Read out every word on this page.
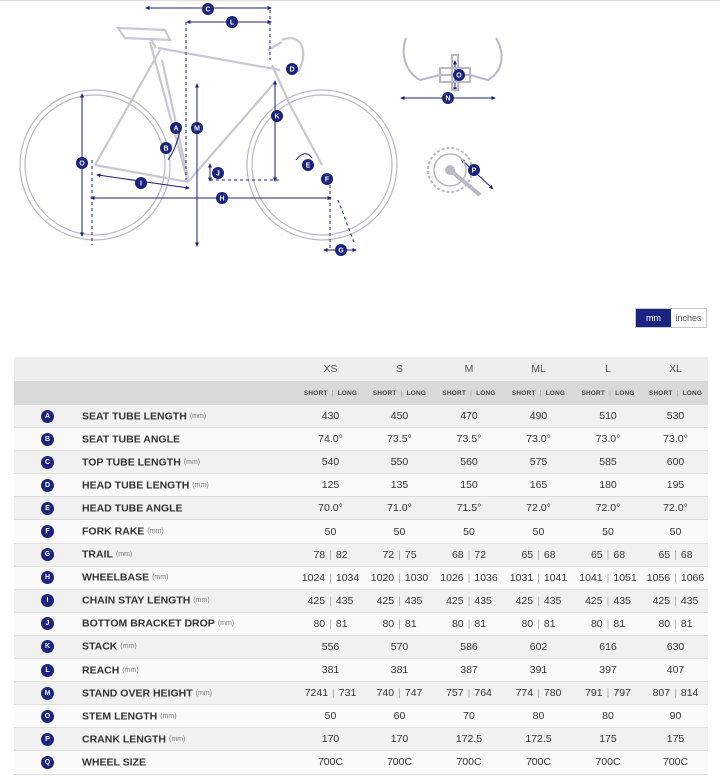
C
L
A
B
M
D
K
E
F
J
O
I
H
G
O
N
P
mm	inches
	XS	S	M	ML	L	XL
	SHORT | LONG	SHORT | LONG	SHORT | LONG	SHORT | LONG	SHORT | LONG	SHORT | LONG
A SEAT TUBE LENGTH (mm)	430	450	470	490	510	530
B SEAT TUBE ANGLE	74.0°	73.5°	73.5°	73.0°	73.0°	73.0°
C TOP TUBE LENGTH (mm)	540	550	560	575	585	600
D HEAD TUBE LENGTH (mm)	125	135	150	165	180	195
E HEAD TUBE ANGLE	70.0°	71.0°	71.5°	72.0°	72.0°	72.0°
F FORK RAKE (mm)	50	50	50	50	50	50
G TRAIL (mm)	78 | 82	72 | 75	68 | 72	65 | 68	65 | 68	65 | 68
H WHEELBASE (mm)	1024 | 1034	1020 | 1030	1026 | 1036	1031 | 1041	1041 | 1051	1056 | 1066
I CHAIN STAY LENGTH (mm)	425 | 435	425 | 435	425 | 435	425 | 435	425 | 435	425 | 435
J BOTTOM BRACKET DROP (mm)	80 | 81	80 | 81	80 | 81	80 | 81	80 | 81	80 | 81
K STACK (mm)	556	570	586	602	616	630
L REACH (mm)	381	381	387	391	397	407
M STAND OVER HEIGHT (mm)	7241 | 731	740 | 747	757 | 764	774 | 780	791 | 797	807 | 814
O STEM LENGTH (mm)	50	60	70	80	80	90
P CRANK LENGTH (mm)	170	170	172.5	172.5	175	175
Q WHEEL SIZE	700C	700C	700C	700C	700C	700C
